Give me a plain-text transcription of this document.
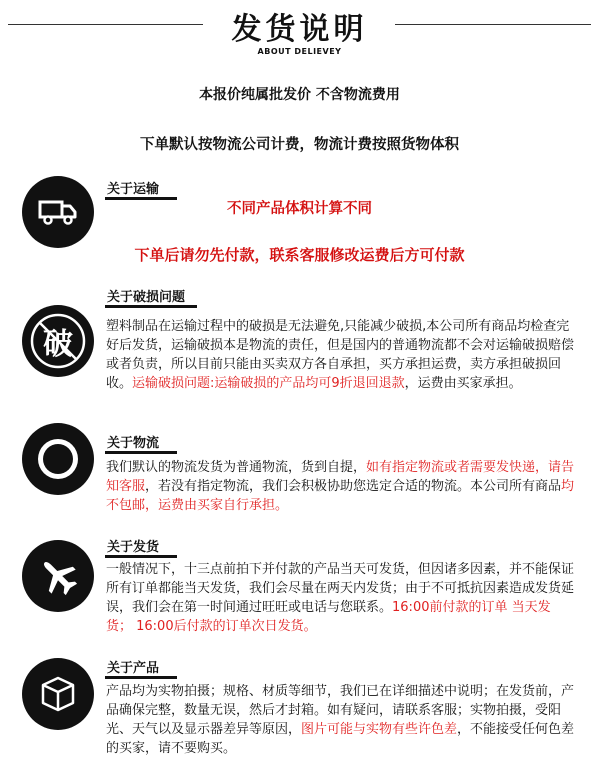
发货说明
ABOUT DELIEVEY
本报价纯属批发价 不含物流费用
下单默认按物流公司计费，物流计费按照货物体积
关于运输
不同产品体积计算不同
下单后请勿先付款，联系客服修改运费后方可付款
破
关于破损问题
塑料制品在运输过程中的破损是无法避免,只能减少破损,本公司所有商品均检查完好后发货，运输破损本是物流的责任，但是国内的普通物流都不会对运输破损赔偿或者负责，所以目前只能由买卖双方各自承担，买方承担运费，卖方承担破损回收。运输破损问题:运输破损的产品均可9折退回退款，运费由买家承担。
关于物流
我们默认的物流发货为普通物流，货到自提，如有指定物流或者需要发快递，请告知客服，若没有指定物流，我们会积极协助您选定合适的物流。本公司所有商品均不包邮，运费由买家自行承担。
关于发货
一般情况下，十三点前拍下并付款的产品当天可发货，但因诸多因素，并不能保证所有订单都能当天发货，我们会尽量在两天内发货；由于不可抵抗因素造成发货延误，我们会在第一时间通过旺旺或电话与您联系。16:00前付款的订单 当天发货； 16:00后付款的订单次日发货。
关于产品
产品均为实物拍摄；规格、材质等细节，我们已在详细描述中说明；在发货前，产品确保完整，数量无误，然后才封箱。如有疑问，请联系客服；实物拍摄，受阳光、天气以及显示器差异等原因，图片可能与实物有些许色差，不能接受任何色差的买家，请不要购买。
